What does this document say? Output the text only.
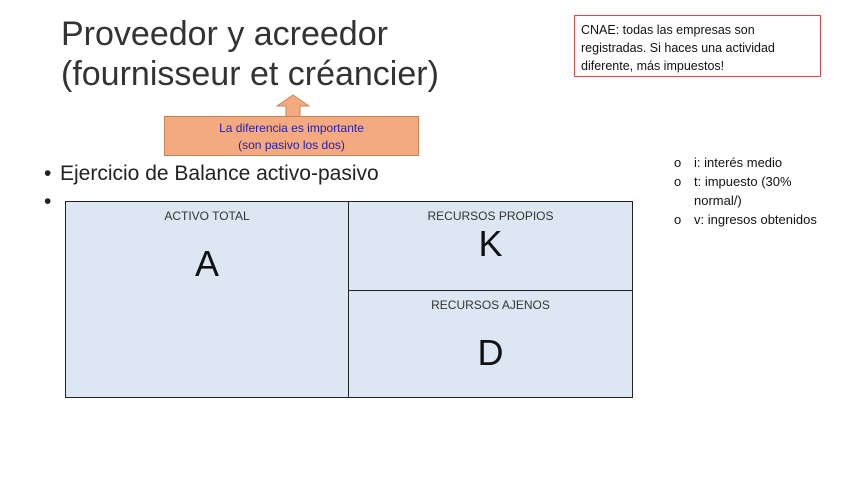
Proveedor y acreedor
(fournisseur et créancier)
CNAE: todas las empresas son registradas. Si haces una actividad diferente, más impuestos!
La diferencia es importante
(son pasivo los dos)
• Ejercicio de Balance activo-pasivo
•
o	i: interés medio
o t: impuesto (30% normal/)
o v: ingresos obtenidos
ACTIVO TOTAL
A
RECURSOS PROPIOS
K
RECURSOS AJENOS
D
